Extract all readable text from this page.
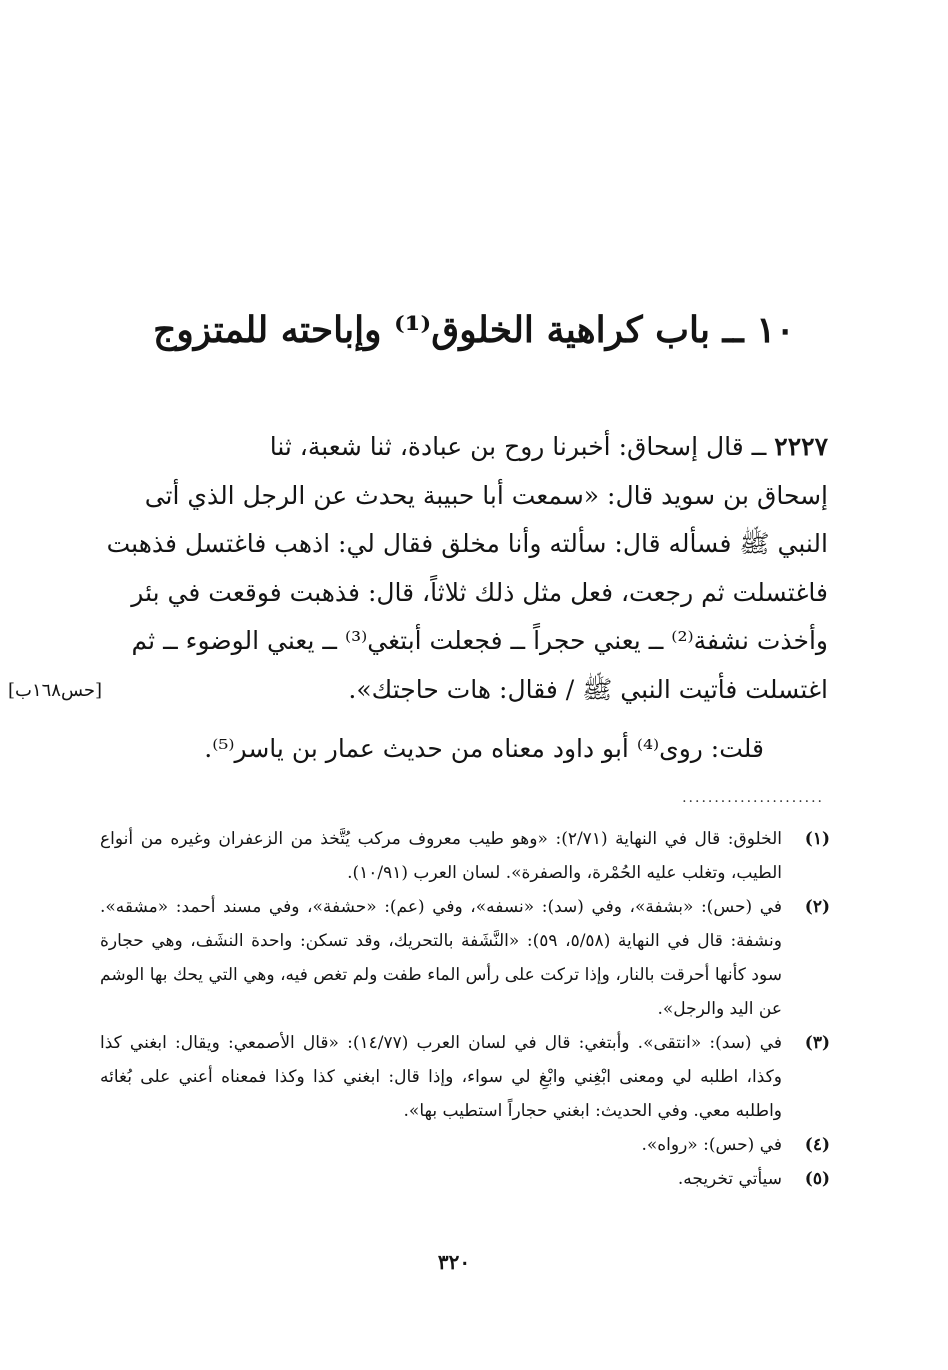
١٠ ــ باب كراهية الخلوق⁽¹⁾ وإباحته للمتزوج
٢٢٢٧ ــ قال إسحاق: أخبرنا روح بن عبادة، ثنا شعبة، ثنا
إسحاق بن سويد قال: «سمعت أبا حبيبة يحدث عن الرجل الذي أتى
النبي ﷺ فسأله قال: سألته وأنا مخلق فقال لي: اذهب فاغتسل فذهبت
فاغتسلت ثم رجعت، فعل مثل ذلك ثلاثاً، قال: فذهبت فوقعت في بئر
وأخذت نشفة⁽²⁾ ــ يعني حجراً ــ فجعلت أبتغي⁽³⁾ ــ يعني الوضوء ــ ثم
اغتسلت فأتيت النبي ﷺ / فقال: هات حاجتك».
[حس١٦٨ب]
قلت: روى⁽⁴⁾ أبو داود معناه من حديث عمار بن ياسر⁽⁵⁾.
......................
(١)
الخلوق: قال في النهاية (٢/٧١): «وهو طيب معروف مركب يُتَّخذ من الزعفران وغيره من أنواع الطيب، وتغلب عليه الحُمْرة، والصفرة». لسان العرب (١٠/٩١).
(٢)
في (حس): «بشفة»، وفي (سد): «نسفه»، وفي (عم): «حشفة»، وفي مسند أحمد: «مشقه». ونشفة: قال في النهاية (٥/٥٨، ٥٩): «النَّشَفة بالتحريك، وقد تسكن: واحدة النشَف، وهي حجارة سود كأنها أحرقت بالنار، وإذا تركت على رأس الماء طفت ولم تغص فيه، وهي التي يحك بها الوشم عن اليد والرجل».
(٣)
في (سد): «انتقى». وأبتغي: قال في لسان العرب (١٤/٧٧): «قال الأصمعي: ويقال: ابغني كذا وكذا، اطلبه لي ومعنى ابْغِني وابْغِ لي سواء، وإذا قال: ابغني كذا وكذا فمعناه أعني على بُغائه واطلبه معي. وفي الحديث: ابغني حجاراً استطيب بها».
(٤)
في (حس): «رواه».
(٥)
سيأتي تخريجه.
٣٢٠
